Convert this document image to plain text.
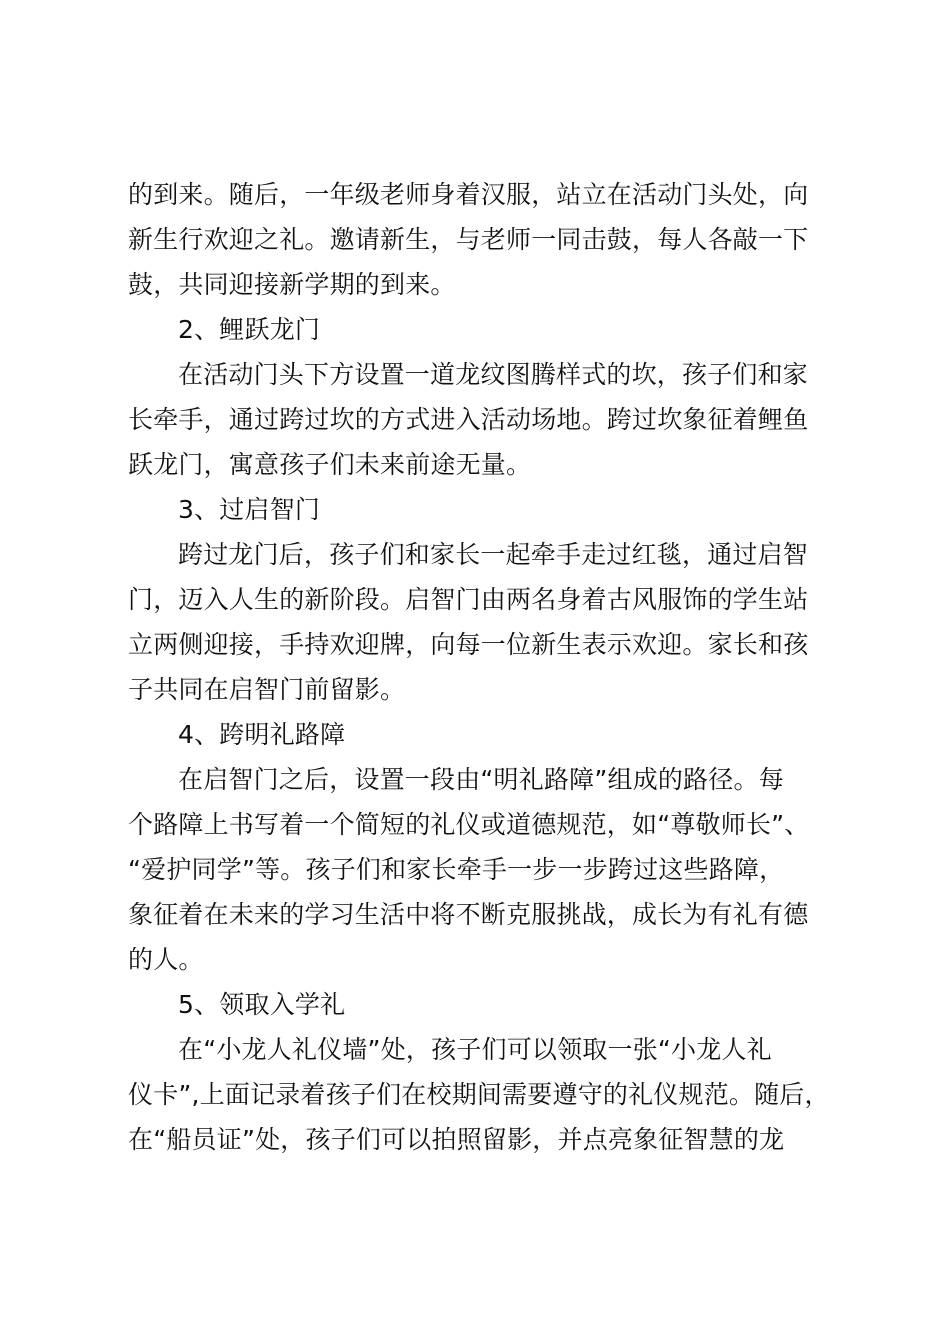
的到来。随后，一年级老师身着汉服，站立在活动门头处，向
新生行欢迎之礼。邀请新生，与老师一同击鼓，每人各敲一下
鼓，共同迎接新学期的到来。
2、鲤跃龙门
在活动门头下方设置一道龙纹图腾样式的坎，孩子们和家
长牵手，通过跨过坎的方式进入活动场地。跨过坎象征着鲤鱼
跃龙门，寓意孩子们未来前途无量。
3、过启智门
跨过龙门后，孩子们和家长一起牵手走过红毯，通过启智
门，迈入人生的新阶段。启智门由两名身着古风服饰的学生站
立两侧迎接，手持欢迎牌，向每一位新生表示欢迎。家长和孩
子共同在启智门前留影。
4、跨明礼路障
在启智门之后，设置一段由“明礼路障”组成的路径。每
个路障上书写着一个简短的礼仪或道德规范，如“尊敬师长”、
“爱护同学”等。孩子们和家长牵手一步一步跨过这些路障，
象征着在未来的学习生活中将不断克服挑战，成长为有礼有德
的人。
5、领取入学礼
在“小龙人礼仪墙”处，孩子们可以领取一张“小龙人礼
仪卡”,上面记录着孩子们在校期间需要遵守的礼仪规范。随后，
在“船员证”处，孩子们可以拍照留影，并点亮象征智慧的龙
